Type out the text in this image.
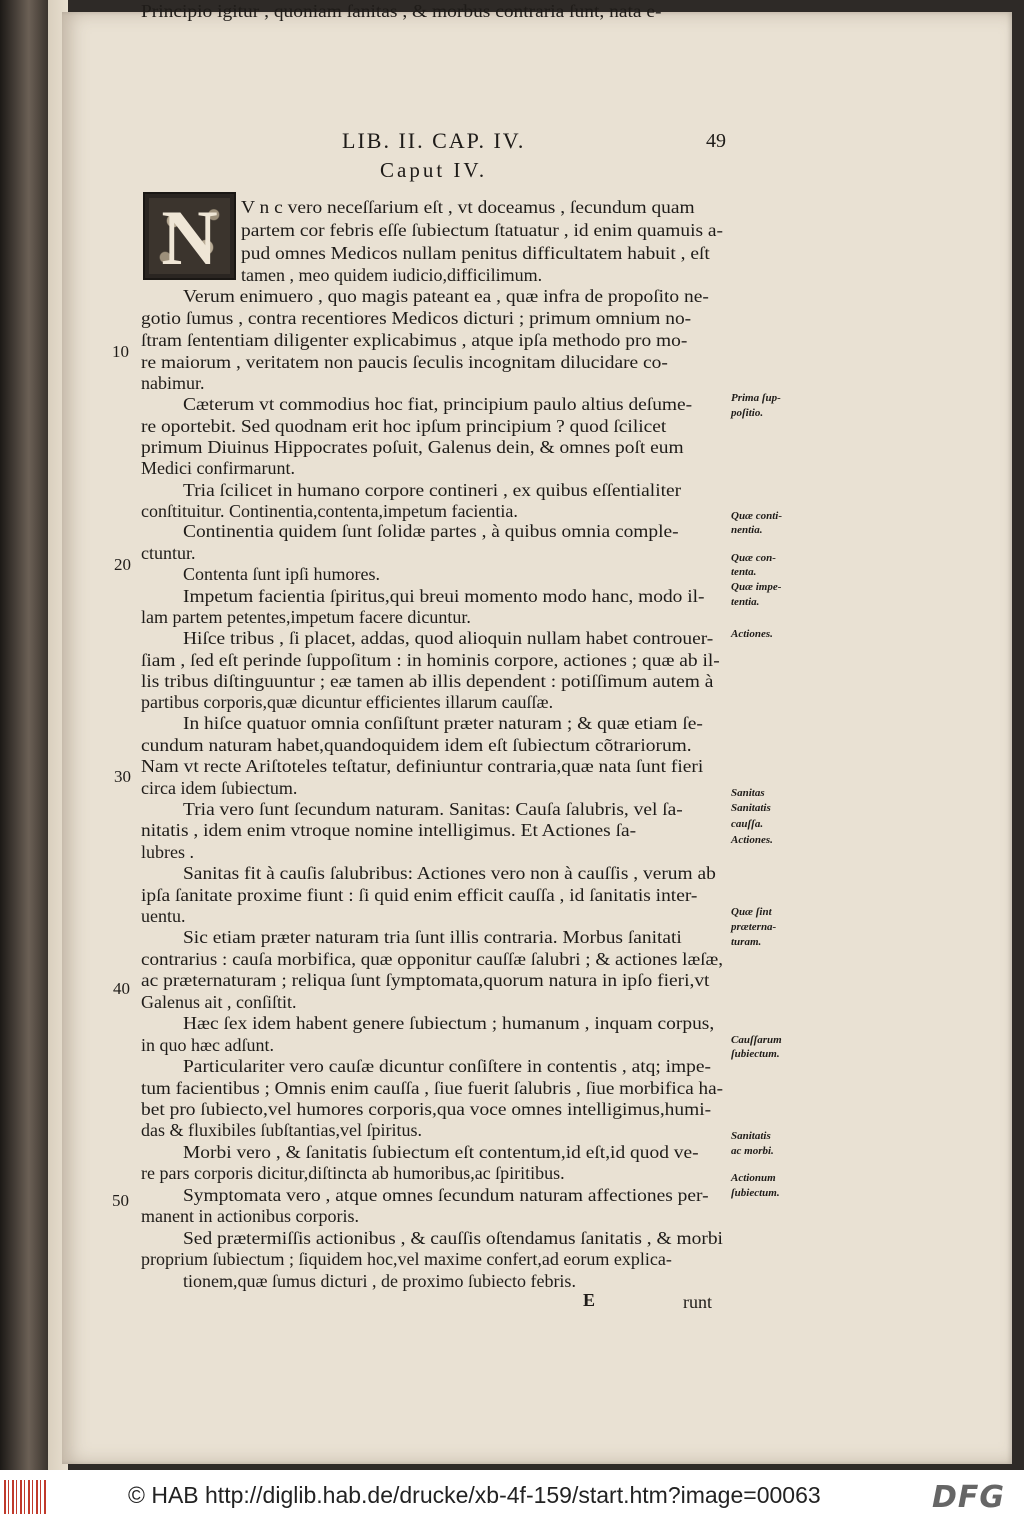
LIB. II. CAP. IV.	49
Caput IV.
N	V n c vero neceſſarium eſt , vt doceamus , ſecundum quam
partem cor febris eſſe ſubiectum ſtatuatur , id enim quamuis a-
pud omnes Medicos nullam penitus difficultatem habuit , eſt
tamen , meo quidem iudicio,difficilimum.
Verum enimuero , quo magis pateant ea , quæ infra de propoſito ne-
gotio ſumus , contra recentiores Medicos dicturi ; primum omnium no-
ſtram ſententiam diligenter explicabimus , atque ipſa methodo pro mo-
re maiorum , veritatem non paucis ſeculis incognitam dilucidare co-
nabimur.
Cæterum vt commodius hoc fiat, principium paulo altius deſume-
re oportebit. Sed quodnam erit hoc ipſum principium ? quod ſcilicet
primum Diuinus Hippocrates poſuit, Galenus dein, & omnes poſt eum
Medici confirmarunt.
Tria ſcilicet in humano corpore contineri , ex quibus eſſentialiter
conſtituitur. Continentia,contenta,impetum facientia.
Continentia quidem ſunt ſolidæ partes , à quibus omnia comple-
ctuntur.
Contenta ſunt ipſi humores.
Impetum facientia ſpiritus,qui breui momento modo hanc, modo il-
lam partem petentes,impetum facere dicuntur.
Hiſce tribus , ſi placet, addas, quod alioquin nullam habet controuer-
ſiam , ſed eſt perinde ſuppoſitum : in hominis corpore, actiones ; quæ ab il-
lis tribus diſtinguuntur ; eæ tamen ab illis dependent : potiſſimum autem à
partibus corporis,quæ dicuntur efficientes illarum cauſſæ.
In hiſce quatuor omnia conſiſtunt præter naturam ; & quæ etiam ſe-
cundum naturam habet,quandoquidem idem eſt ſubiectum cõtrariorum.
Nam vt recte Ariſtoteles teſtatur, definiuntur contraria,quæ nata ſunt fieri
circa idem ſubiectum.
Tria vero ſunt ſecundum naturam. Sanitas: Cauſa ſalubris, vel ſa-
nitatis , idem enim vtroque nomine intelligimus. Et Actiones ſa-
lubres .
Sanitas fit à cauſis ſalubribus: Actiones vero non à cauſſis , verum ab
ipſa ſanitate proxime fiunt : ſi quid enim efficit cauſſa , id ſanitatis inter-
uentu.
Sic etiam præter naturam tria ſunt illis contraria. Morbus ſanitati
contrarius : cauſa morbifica, quæ opponitur cauſſæ ſalubri ; & actiones læſæ,
ac præternaturam ; reliqua ſunt ſymptomata,quorum natura in ipſo fieri,vt
Galenus ait , conſiſtit.
Hæc ſex idem habent genere ſubiectum ; humanum , inquam corpus,
in quo hæc adſunt.
Particulariter vero cauſæ dicuntur conſiſtere in contentis , atq; impe-
tum facientibus ; Omnis enim cauſſa , ſiue fuerit ſalubris , ſiue morbifica ha-
bet pro ſubiecto,vel humores corporis,qua voce omnes intelligimus,humi-
das & fluxibiles ſubſtantias,vel ſpiritus.
Morbi vero , & ſanitatis ſubiectum eſt contentum,id eſt,id quod ve-
re pars corporis dicitur,diſtincta ab humoribus,ac ſpiritibus.
Symptomata vero , atque omnes ſecundum naturam affectiones per-
manent in actionibus corporis.
Sed prætermiſſis actionibus , & cauſſis oſtendamus ſanitatis , & morbi
proprium ſubiectum ; ſiquidem hoc,vel maxime confert,ad eorum explica-
tionem,quæ ſumus dicturi , de proximo ſubiecto febris.
Principio igitur , quoniam ſanitas , & morbus contraria ſunt, nata e-
10
20
30
40
50
Prima ſup-
poſitio.
Quæ conti-
nentia.
Quæ con-
tenta.
Quæ impe-
tentia.
Actiones.
Sanitas
Sanitatis
cauſſa.
Actiones.
Quæ ſint
præterna-
turam.
Cauſſarum
ſubiectum.
Sanitatis
ac morbi.
Actionum
ſubiectum.
E	runt
© HAB http://diglib.hab.de/drucke/xb-4f-159/start.htm?image=00063	DFG
